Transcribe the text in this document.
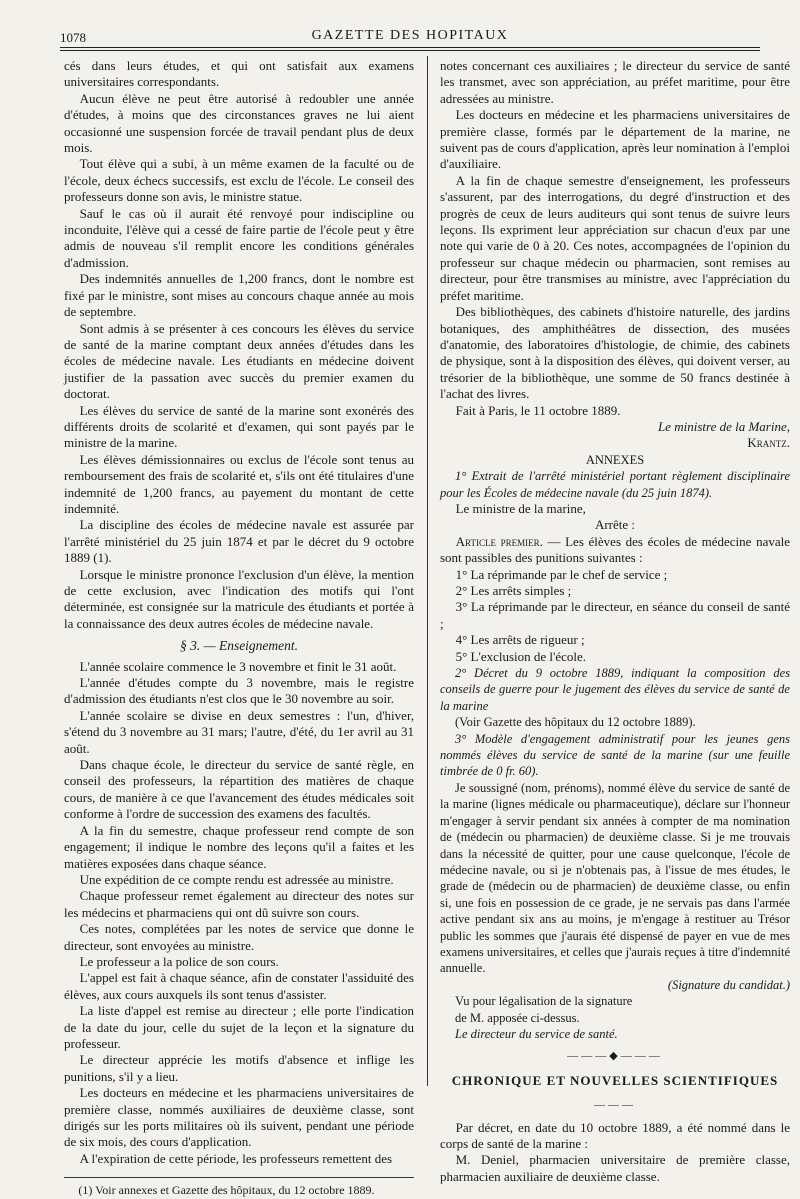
1078	GAZETTE DES HOPITAUX

cés dans leurs études, et qui ont satisfait aux examens universitaires correspondants.

Aucun élève ne peut être autorisé à redoubler une année d'études, à moins que des circonstances graves ne lui aient occasionné une suspension forcée de travail pendant plus de deux mois.

Tout élève qui a subi, à un même examen de la faculté ou de l'école, deux échecs successifs, est exclu de l'école. Le conseil des professeurs donne son avis, le ministre statue.

Sauf le cas où il aurait été renvoyé pour indiscipline ou inconduite, l'élève qui a cessé de faire partie de l'école peut y être admis de nouveau s'il remplit encore les conditions générales d'admission.

Des indemnités annuelles de 1,200 francs, dont le nombre est fixé par le ministre, sont mises au concours chaque année au mois de septembre.

Sont admis à se présenter à ces concours les élèves du service de santé de la marine comptant deux années d'études dans les écoles de médecine navale. Les étudiants en médecine doivent justifier de la passation avec succès du premier examen du doctorat.

Les élèves du service de santé de la marine sont exonérés des différents droits de scolarité et d'examen, qui sont payés par le ministre de la marine.

Les élèves démissionnaires ou exclus de l'école sont tenus au remboursement des frais de scolarité et, s'ils ont été titulaires d'une indemnité de 1,200 francs, au payement du montant de cette indemnité.

La discipline des écoles de médecine navale est assurée par l'arrêté ministériel du 25 juin 1874 et par le décret du 9 octobre 1889 (1).

Lorsque le ministre prononce l'exclusion d'un élève, la mention de cette exclusion, avec l'indication des motifs qui l'ont déterminée, est consignée sur la matricule des étudiants et portée à la connaissance des deux autres écoles de médecine navale.

§ 3. — Enseignement.

L'année scolaire commence le 3 novembre et finit le 31 août.

L'année d'études compte du 3 novembre, mais le registre d'admission des étudiants n'est clos que le 30 novembre au soir.

L'année scolaire se divise en deux semestres : l'un, d'hiver, s'étend du 3 novembre au 31 mars; l'autre, d'été, du 1er avril au 31 août.

Dans chaque école, le directeur du service de santé règle, en conseil des professeurs, la répartition des matières de chaque cours, de manière à ce que l'avancement des études médicales soit conforme à l'ordre de succession des examens des facultés.

A la fin du semestre, chaque professeur rend compte de son engagement; il indique le nombre des leçons qu'il a faites et les matières exposées dans chaque séance.

Une expédition de ce compte rendu est adressée au ministre.

Chaque professeur remet également au directeur des notes sur les médecins et pharmaciens qui ont dû suivre son cours.

Ces notes, complétées par les notes de service que donne le directeur, sont envoyées au ministre.

Le professeur a la police de son cours.

L'appel est fait à chaque séance, afin de constater l'assiduité des élèves, aux cours auxquels ils sont tenus d'assister.

La liste d'appel est remise au directeur ; elle porte l'indication de la date du jour, celle du sujet de la leçon et la signature du professeur.

Le directeur apprécie les motifs d'absence et inflige les punitions, s'il y a lieu.

Les docteurs en médecine et les pharmaciens universitaires de première classe, nommés auxiliaires de deuxième classe, sont dirigés sur les ports militaires où ils suivent, pendant une période de six mois, des cours d'application.

A l'expiration de cette période, les professeurs remettent des

(1) Voir annexes et Gazette des hôpitaux, du 12 octobre 1889.

notes concernant ces auxiliaires ; le directeur du service de santé les transmet, avec son appréciation, au préfet maritime, pour être adressées au ministre.

Les docteurs en médecine et les pharmaciens universitaires de première classe, formés par le département de la marine, ne suivent pas de cours d'application, après leur nomination à l'emploi d'auxiliaire.

A la fin de chaque semestre d'enseignement, les professeurs s'assurent, par des interrogations, du degré d'instruction et des progrès de ceux de leurs auditeurs qui sont tenus de suivre leurs leçons. Ils expriment leur appréciation sur chacun d'eux par une note qui varie de 0 à 20. Ces notes, accompagnées de l'opinion du professeur sur chaque médecin ou pharmacien, sont remises au directeur, pour être transmises au ministre, avec l'appréciation du préfet maritime.

Des bibliothèques, des cabinets d'histoire naturelle, des jardins botaniques, des amphithéâtres de dissection, des musées d'anatomie, des laboratoires d'histologie, de chimie, des cabinets de physique, sont à la disposition des élèves, qui doivent verser, au trésorier de la bibliothèque, une somme de 50 francs destinée à l'achat des livres.

Fait à Paris, le 11 octobre 1889.

Le ministre de la Marine,

Krantz.

ANNEXES

1° Extrait de l'arrêté ministériel portant règlement disciplinaire pour les Écoles de médecine navale (du 25 juin 1874).

Le ministre de la marine,

Arrête :

Article premier. — Les élèves des écoles de médecine navale sont passibles des punitions suivantes :

1° La réprimande par le chef de service ;

2° Les arrêts simples ;

3° La réprimande par le directeur, en séance du conseil de santé ;

4° Les arrêts de rigueur ;

5° L'exclusion de l'école.

2° Décret du 9 octobre 1889, indiquant la composition des conseils de guerre pour le jugement des élèves du service de santé de la marine

(Voir Gazette des hôpitaux du 12 octobre 1889).

3° Modèle d'engagement administratif pour les jeunes gens nommés élèves du service de santé de la marine (sur une feuille timbrée de 0 fr. 60).

Je soussigné (nom, prénoms), nommé élève du service de santé de la marine (lignes médicale ou pharmaceutique), déclare sur l'honneur m'engager à servir pendant six années à compter de ma nomination de (médecin ou pharmacien) de deuxième classe. Si je me trouvais dans la nécessité de quitter, pour une cause quelconque, l'école de médecine navale, ou si je n'obtenais pas, à l'issue de mes études, le grade de (médecin ou de pharmacien) de deuxième classe, ou enfin si, une fois en possession de ce grade, je ne servais pas dans l'armée active pendant six ans au moins, je m'engage à restituer au Trésor public les sommes que j'aurais été dispensé de payer en vue de mes examens universitaires, et celles que j'aurais reçues à titre d'indemnité annuelle.

(Signature du candidat.)

Vu pour légalisation de la signature

de M. apposée ci-dessus.

Le directeur du service de santé.

———◆———
CHRONIQUE ET NOUVELLES SCIENTIFIQUES
———

Par décret, en date du 10 octobre 1889, a été nommé dans le corps de santé de la marine :

M. Deniel, pharmacien universitaire de première classe, pharmacien auxiliaire de deuxième classe.
